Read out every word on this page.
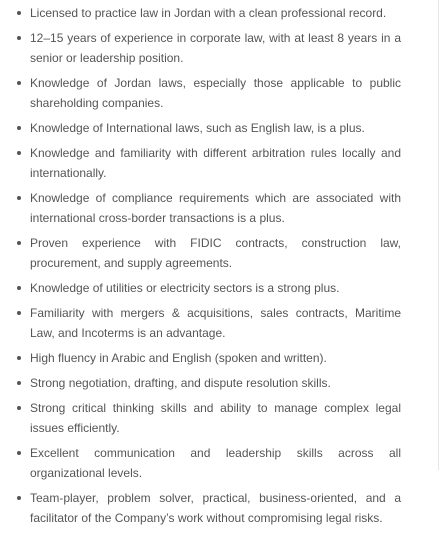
Licensed to practice law in Jordan with a clean professional record.
12–15 years of experience in corporate law, with at least 8 years in a senior or leadership position.
Knowledge of Jordan laws, especially those applicable to public shareholding companies.
Knowledge of International laws, such as English law, is a plus.
Knowledge and familiarity with different arbitration rules locally and internationally.
Knowledge of compliance requirements which are associated with international cross-border transactions is a plus.
Proven experience with FIDIC contracts, construction law, procurement, and supply agreements.
Knowledge of utilities or electricity sectors is a strong plus.
Familiarity with mergers & acquisitions, sales contracts, Maritime Law, and Incoterms is an advantage.
High fluency in Arabic and English (spoken and written).
Strong negotiation, drafting, and dispute resolution skills.
Strong critical thinking skills and ability to manage complex legal issues efficiently.
Excellent communication and leadership skills across all organizational levels.
Team-player, problem solver, practical, business-oriented, and a facilitator of the Company’s work without compromising legal risks.
